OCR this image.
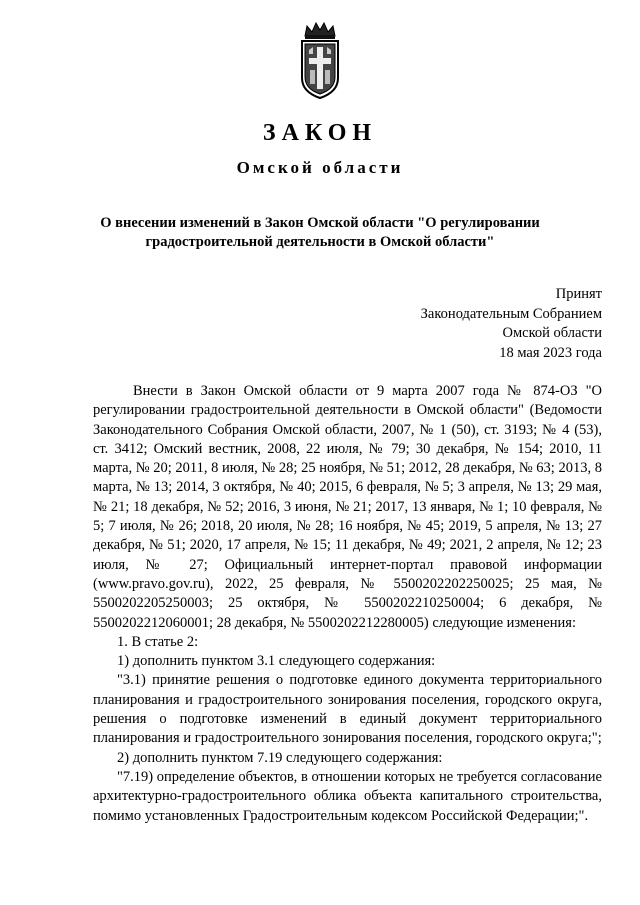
ЗАКОН
Омской области
О внесении изменений в Закон Омской области "О регулировании
градостроительной деятельности в Омской области"
Принят
Законодательным Собранием
Омской области
18 мая 2023 года

Внести в Закон Омской области от 9 марта 2007 года № 874-ОЗ "О регулировании градостроительной деятельности в Омской области" (Ведомости Законодательного Собрания Омской области, 2007, № 1 (50), ст. 3193; № 4 (53), ст. 3412; Омский вестник, 2008, 22 июля, № 79; 30 декабря, № 154; 2010, 11 марта, № 20; 2011, 8 июля, № 28; 25 ноября, № 51; 2012, 28 декабря, № 63; 2013, 8 марта, № 13; 2014, 3 октября, № 40; 2015, 6 февраля, № 5; 3 апреля, № 13; 29 мая, № 21; 18 декабря, № 52; 2016, 3 июня, № 21; 2017, 13 января, № 1; 10 февраля, № 5; 7 июля, № 26; 2018, 20 июля, № 28; 16 ноября, № 45; 2019, 5 апреля, № 13; 27 декабря, № 51; 2020, 17 апреля, № 15; 11 декабря, № 49; 2021, 2 апреля, № 12; 23 июля, № 27; Официальный интернет-портал правовой информации (www.pravo.gov.ru), 2022, 25 февраля, № 5500202202250025; 25 мая, № 5500202205250003; 25 октября, № 5500202210250004; 6 декабря, № 5500202212060001; 28 декабря, № 5500202212280005) следующие изменения:

1. В статье 2:

1) дополнить пунктом 3.1 следующего содержания:

"3.1) принятие решения о подготовке единого документа территориального планирования и градостроительного зонирования поселения, городского округа, решения о подготовке изменений в единый документ территориального планирования и градостроительного зонирования поселения, городского округа;";

2) дополнить пунктом 7.19 следующего содержания:

"7.19) определение объектов, в отношении которых не требуется согласование архитектурно-градостроительного облика объекта капитального строительства, помимо установленных Градостроительным кодексом Российской Федерации;".
